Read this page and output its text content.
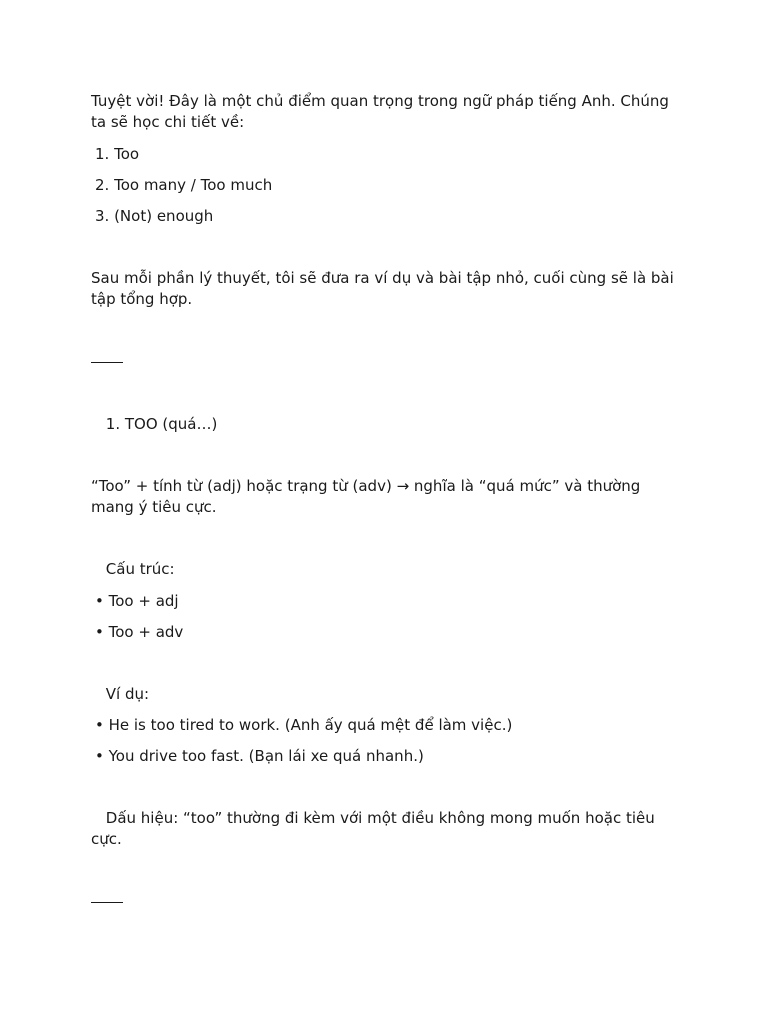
Tuyệt vời! Đây là một chủ điểm quan trọng trong ngữ pháp tiếng Anh. Chúng
ta sẽ học chi tiết về:
1. Too
2. Too many / Too much
3. (Not) enough
Sau mỗi phần lý thuyết, tôi sẽ đưa ra ví dụ và bài tập nhỏ, cuối cùng sẽ là bài
tập tổng hợp.
1. TOO (quá…)
“Too” + tính từ (adj) hoặc trạng từ (adv) → nghĩa là “quá mức” và thường
mang ý tiêu cực.
Cấu trúc:
• Too + adj
• Too + adv
Ví dụ:
• He is too tired to work. (Anh ấy quá mệt để làm việc.)
• You drive too fast. (Bạn lái xe quá nhanh.)
Dấu hiệu: “too” thường đi kèm với một điều không mong muốn hoặc tiêu
cực.
